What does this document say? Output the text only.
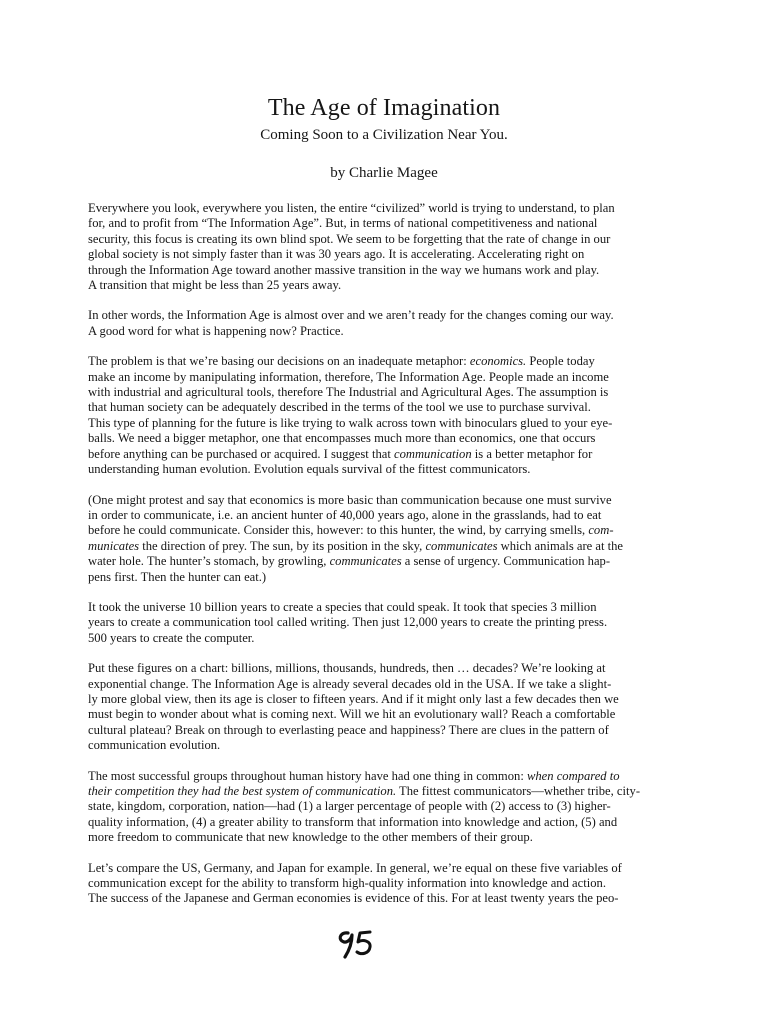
The Age of Imagination
Coming Soon to a Civilization Near You.
by Charlie Magee

Everywhere you look, everywhere you listen, the entire “civilized” world is trying to understand, to plan
for, and to profit from “The Information Age”. But, in terms of national competitiveness and national
security, this focus is creating its own blind spot. We seem to be forgetting that the rate of change in our
global society is not simply faster than it was 30 years ago. It is accelerating. Accelerating right on
through the Information Age toward another massive transition in the way we humans work and play.
A transition that might be less than 25 years away.

In other words, the Information Age is almost over and we aren’t ready for the changes coming our way.
A good word for what is happening now? Practice.

The problem is that we’re basing our decisions on an inadequate metaphor: economics. People today
make an income by manipulating information, therefore, The Information Age. People made an income
with industrial and agricultural tools, therefore The Industrial and Agricultural Ages. The assumption is
that human society can be adequately described in the terms of the tool we use to purchase survival.
This type of planning for the future is like trying to walk across town with binoculars glued to your eye-
balls. We need a bigger metaphor, one that encompasses much more than economics, one that occurs
before anything can be purchased or acquired. I suggest that communication is a better metaphor for
understanding human evolution. Evolution equals survival of the fittest communicators.

(One might protest and say that economics is more basic than communication because one must survive
in order to communicate, i.e. an ancient hunter of 40,000 years ago, alone in the grasslands, had to eat
before he could communicate. Consider this, however: to this hunter, the wind, by carrying smells, com-
municates the direction of prey. The sun, by its position in the sky, communicates which animals are at the
water hole. The hunter’s stomach, by growling, communicates a sense of urgency. Communication hap-
pens first. Then the hunter can eat.)

It took the universe 10 billion years to create a species that could speak. It took that species 3 million
years to create a communication tool called writing. Then just 12,000 years to create the printing press.
500 years to create the computer.

Put these figures on a chart: billions, millions, thousands, hundreds, then … decades? We’re looking at
exponential change. The Information Age is already several decades old in the USA. If we take a slight-
ly more global view, then its age is closer to fifteen years. And if it might only last a few decades then we
must begin to wonder about what is coming next. Will we hit an evolutionary wall? Reach a comfortable
cultural plateau? Break on through to everlasting peace and happiness? There are clues in the pattern of
communication evolution.

The most successful groups throughout human history have had one thing in common: when compared to
their competition they had the best system of communication. The fittest communicators—whether tribe, city-
state, kingdom, corporation, nation—had (1) a larger percentage of people with (2) access to (3) higher-
quality information, (4) a greater ability to transform that information into knowledge and action, (5) and
more freedom to communicate that new knowledge to the other members of their group.

Let’s compare the US, Germany, and Japan for example. In general, we’re equal on these five variables of
communication except for the ability to transform high-quality information into knowledge and action.
The success of the Japanese and German economies is evidence of this. For at least twenty years the peo-
